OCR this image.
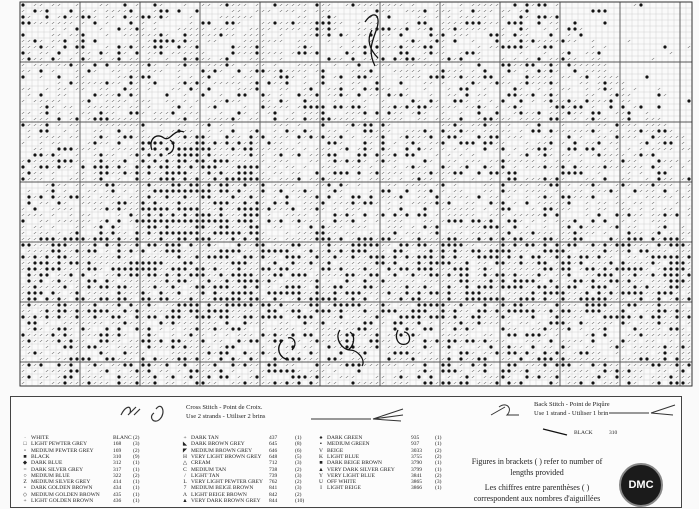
Cross Stitch - Point de Croix.
Use 2 strands - Utiliser 2 brins
· WHITE	BLANC (2)
□ LIGHT PEWTER GREY	168 (3)
▫ MEDIUM PEWTER GREY	169 (2)
■ BLACK	310 (9)
◆ DARK BLUE	312 (1)
= DARK SILVER GREY	317 (1)
○ MEDIUM BLUE	322 (2)
Z MEDIUM SILVER GREY	414 (1)
• DARK GOLDEN BROWN	434 (1)
◇ MEDIUM GOLDEN BROWN 435 (1)
+ LIGHT GOLDEN BROWN	436 (1)
+ DARK TAN	437	(1)
◣ DARK BROWN GREY	645	(8)
◤ MEDIUM BROWN GREY	646	(6)
H VERY LIGHT BROWN GREY 648	(5)
△ CREAM	712	(3)
C MEDIUM TAN	738	(2)
/ LIGHT TAN	739	(3)
L VERY LIGHT PEWTER GREY 762	(2)
7 MEDIUM BEIGE BROWN	841	(3)
Ʌ LIGHT BEIGE BROWN	842	(2)
▲ VERY DARK BROWN GREY 844	(10)
♠ DARK GREEN	935	(1)
▪ MEDIUM GREEN	937	(1)
V BEIGE	3033 (2)
K LIGHT BLUE	3755 (2)
■ DARK BEIGE BROWN	3790 (1)
▲ VERY DARK SILVER GREY	3799 (1)
Y VERY LIGHT BLUE	3841 (2)
U OFF WHITE	3865 (3)
I LIGHT BEIGE	3866 (1)
Back Stitch - Point de Piqûre
Use 1 strand - Utiliser 1 brin
BLACK	310
Figures in brackets ( ) refer to number of
lengths provided
Les chiffres entre parenthèses ( )
correspondent aux nombres d'aiguillées
DMC
